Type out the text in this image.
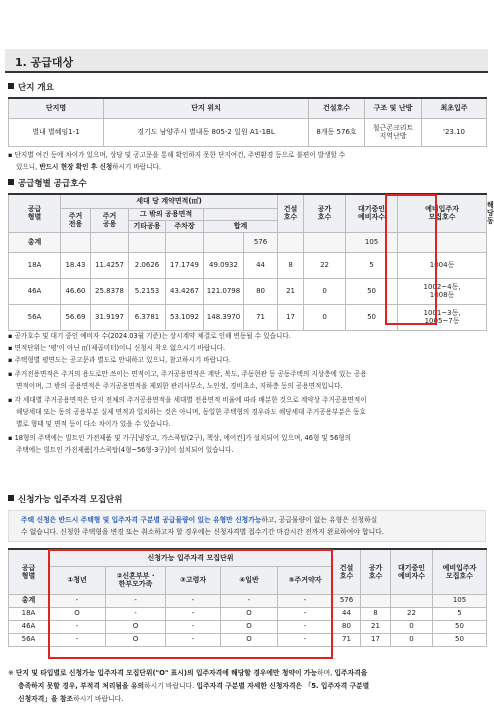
1. 공급대상
단지 개요
단지명	단지 위치	건설호수	구조 및 난방	최초입주
별내 별혜임1-1	경기도 남양주시 별내동 805-2 일원 A1-1BL	8개동 576호	철근콘크리트
지역난방	'23.10
▪ 단지별 여건 등에 차이가 있으며, 상당 및 공고문을 통해 확인하지 못한 단지여건, 주변환경 등으로 불편이 발생할 수
있으니, 반드시 현장 확인 후 신청하시기 바랍니다.
공급형별 공급호수
공급
형별	세대 당 계약면적(㎡)						건설
호수	공가
호수	대기중인
예비자수	예비입주자
모집호수	해당동
	주거
전용	주거
공용	그 밖의 공용면적								
			기타공용	주차장	합계						
총계						576			105		
18A	18.43	11.4257	2.0626	17.1749	49.0932	44	8	22	5	1004동	
46A	46.60	25.8378	5.2153	43.4267	121.0798	80	21	0	50	1002~4동,
1008동	
56A	56.69	31.9197	6.3781	53.1092	148.3970	71	17	0	50	1001~3동,
1005~7동	
▪ 공가호수 및 대기 중인 예비자 수(2024.03월 기준)는 상시계약 체결로 인해 변동될 수 있습니다.
▪ 면적단위는 '평'이 아닌 ㎡(제곱미터)이니 신청시 착오 없으시기 바랍니다.
▪ 주택형별 평면도는 공고문과 별도로 안내하고 있으니, 참고하시기 바랍니다.
▪ 주거전용면적은 주거의 용도로만 쓰이는 면적이고, 주거공용면적은 계단, 복도, 주동현관 등 공동주택의 지상층에 있는 공용
면적이며, 그 밖의 공용면적은 주거공용면적을 제외한 관리사무소, 노인정, 경비초소, 지하층 등의 공용면적입니다.
▪ 각 세대별 주거공용면적은 단지 전체의 주거공용면적을 세대별 전용면적 비율에 따라 배분한 것으로 계약상 주거공용면적이
해당세대 또는 동의 공용부분 실제 면적과 일치하는 것은 아니며, 동일한 주택형의 경우라도 해당세대 주거공용부분은 동호
별로 형태 및 면적 등이 다소 차이가 있을 수 있습니다.
▪ 18형의 주택에는 빌트인 가전제품 및 가구[냉장고, 가스쿡탑(2구), 책상, 에어컨]가 설치되어 있으며, 46형 및 56형의
주택에는 빌트인 가전제품[가스쿡탑(4형~56형-3구)]이 설치되어 있습니다.
신청가능 입주자격 모집단위
주택 신청은 반드시 주택형 및 입주자격 구분별 공급물량이 있는 유형만 신청가능하고, 공급물량이 없는 유형은 신청하실
수 없습니다. 신청한 주택형을 변경 또는 취소하고자 할 경우에는 신청자격별 접수기간 마감시간 전까지 완료하여야 합니다.
공급
형별	신청가능 입주자격 모집단위					건설
호수	공가
호수	대기중인
예비자수	예비입주자
모집호수
	①청년	②신혼부부 ·
한부모가족	③고령자	④일반	⑤주거약자				
총계	-	-	-	-	-	576			105
18A	O	-	-	O	-	44	8	22	5
46A	-	O	-	O	-	80	21	0	50
56A	-	O	-	O	-	71	17	0	50
※ 단지 및 타입별로 신청가능 입주자격 모집단위("O" 표시)의 입주자격에 해당할 경우에만 청약이 가능하며, 입주자격을
충족하지 못할 경우, 부적격 처리됨을 유의하시기 바랍니다. 입주자격 구분별 자세한 신청자격은 「5. 입주자격 구분별
신청자격」을 참조하시기 바랍니다.
